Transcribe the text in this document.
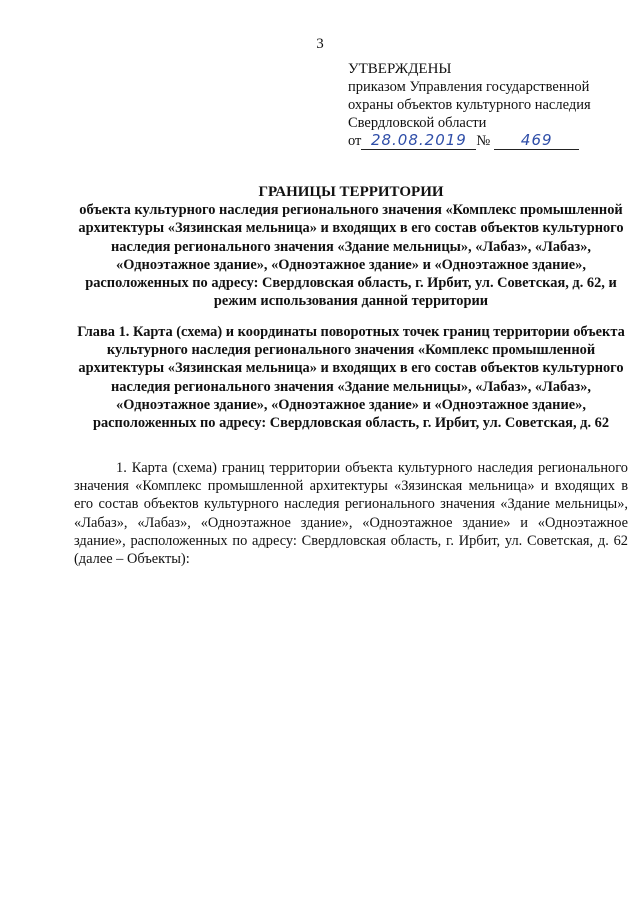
3
УТВЕРЖДЕНЫ
приказом Управления государственной
охраны объектов культурного наследия
Свердловской области
от 28.08.2019 №	469

ГРАНИЦЫ ТЕРРИТОРИИ

объекта культурного наследия регионального значения «Комплекс промышленной архитектуры «Зязинская мельница» и входящих в его состав объектов культурного наследия регионального значения «Здание мельницы», «Лабаз», «Лабаз», «Одноэтажное здание», «Одноэтажное здание» и «Одноэтажное здание», расположенных по адресу: Свердловская область, г. Ирбит, ул. Советская, д. 62, и режим использования данной территории

Глава 1. Карта (схема) и координаты поворотных точек границ территории объекта культурного наследия регионального значения «Комплекс промышленной архитектуры «Зязинская мельница» и входящих в его состав объектов культурного наследия регионального значения «Здание мельницы», «Лабаз», «Лабаз», «Одноэтажное здание», «Одноэтажное здание» и «Одноэтажное здание», расположенных по адресу: Свердловская область, г. Ирбит, ул. Советская, д. 62

1. Карта (схема) границ территории объекта культурного наследия регионального значения «Комплекс промышленной архитектуры «Зязинская мельница» и входящих в его состав объектов культурного наследия регионального значения «Здание мельницы», «Лабаз», «Лабаз», «Одноэтажное здание», «Одноэтажное здание» и «Одноэтажное здание», расположенных по адресу: Свердловская область, г. Ирбит, ул. Советская, д. 62 (далее – Объекты):
